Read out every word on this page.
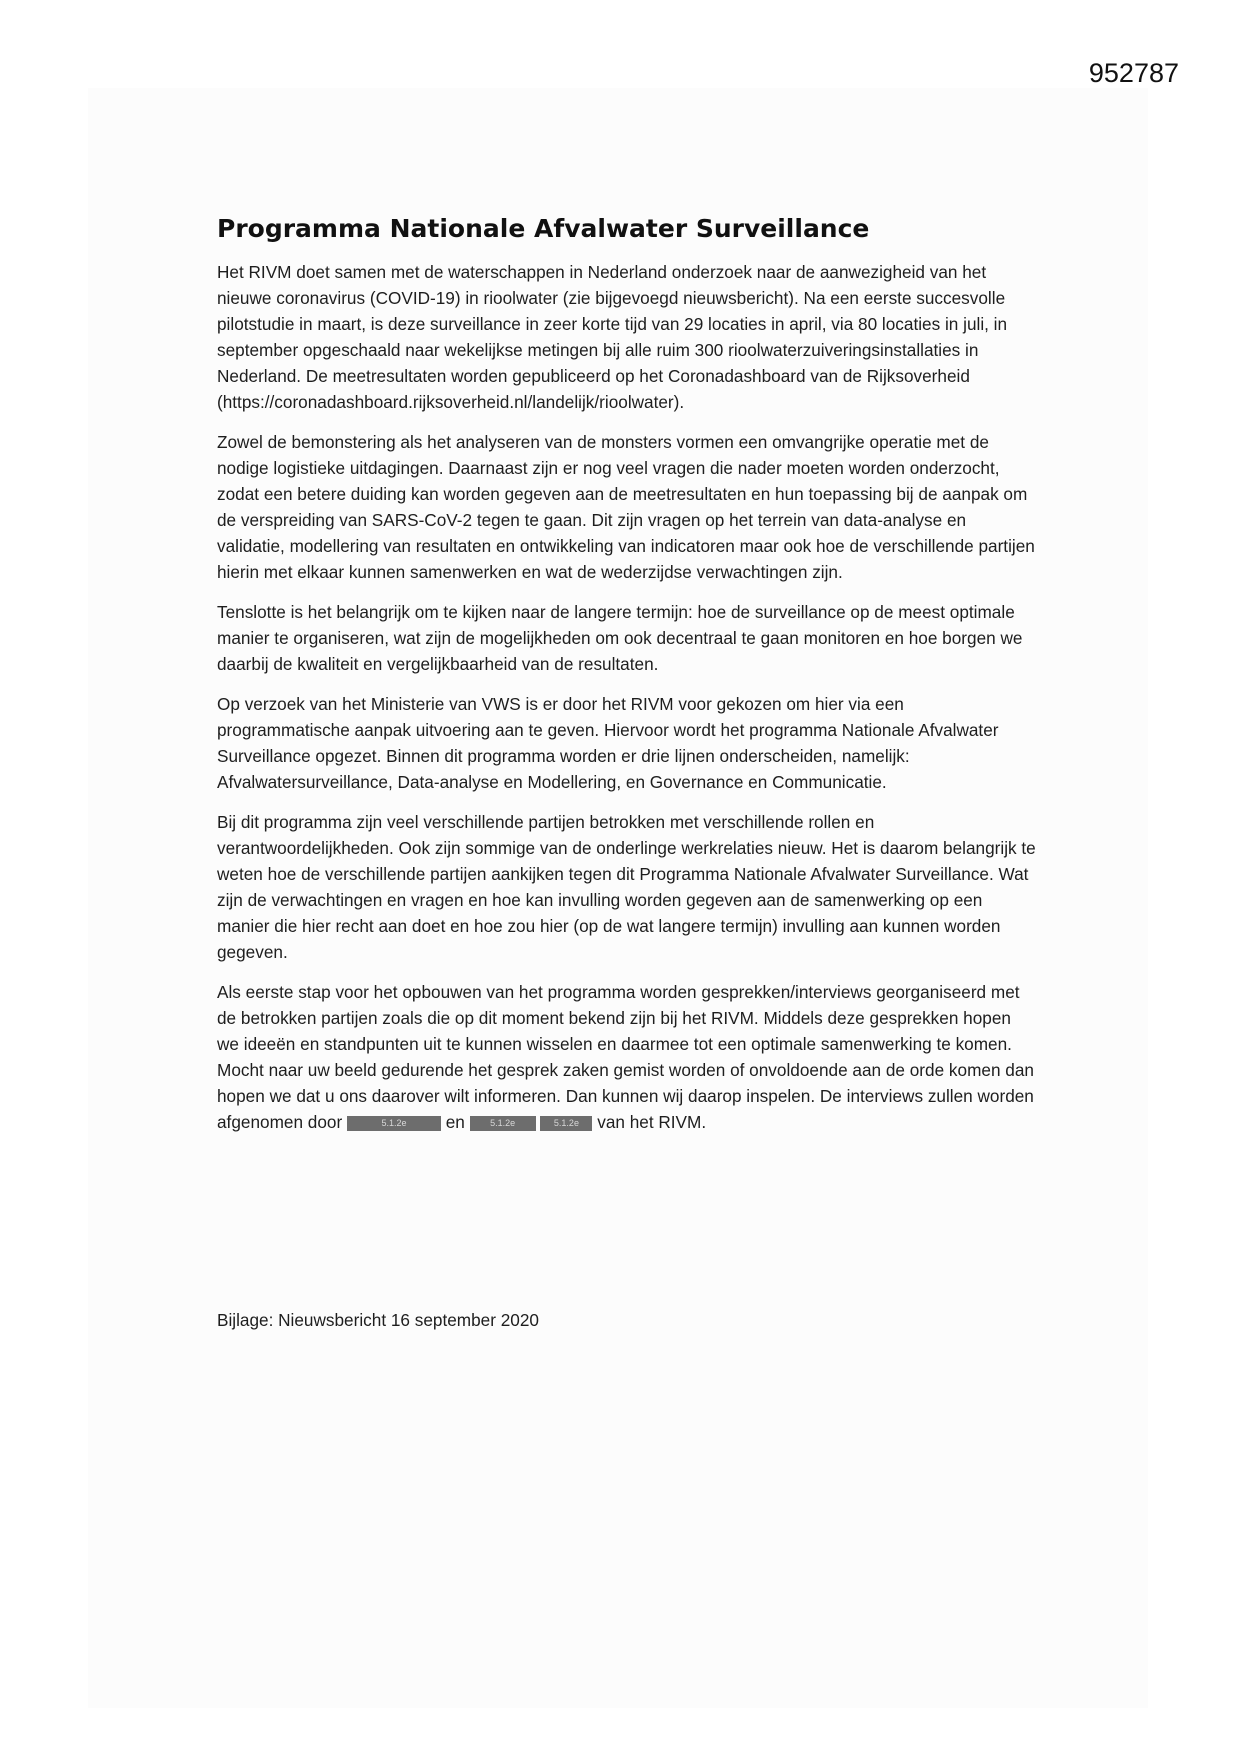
952787
Programma Nationale Afvalwater Surveillance

Het RIVM doet samen met de waterschappen in Nederland onderzoek naar de aanwezigheid van het nieuwe coronavirus (COVID-19) in rioolwater (zie bijgevoegd nieuwsbericht). Na een eerste succesvolle pilotstudie in maart, is deze surveillance in zeer korte tijd van 29 locaties in april, via 80 locaties in juli, in september opgeschaald naar wekelijkse metingen bij alle ruim 300 rioolwaterzuiveringsinstallaties in Nederland. De meetresultaten worden gepubliceerd op het Coronadashboard van de Rijksoverheid (https://coronadashboard.rijksoverheid.nl/landelijk/rioolwater).

Zowel de bemonstering als het analyseren van de monsters vormen een omvangrijke operatie met de nodige logistieke uitdagingen. Daarnaast zijn er nog veel vragen die nader moeten worden onderzocht, zodat een betere duiding kan worden gegeven aan de meetresultaten en hun toepassing bij de aanpak om de verspreiding van SARS-CoV-2 tegen te gaan. Dit zijn vragen op het terrein van data-analyse en validatie, modellering van resultaten en ontwikkeling van indicatoren maar ook hoe de verschillende partijen hierin met elkaar kunnen samenwerken en wat de wederzijdse verwachtingen zijn.

Tenslotte is het belangrijk om te kijken naar de langere termijn: hoe de surveillance op de meest optimale manier te organiseren, wat zijn de mogelijkheden om ook decentraal te gaan monitoren en hoe borgen we daarbij de kwaliteit en vergelijkbaarheid van de resultaten.

Op verzoek van het Ministerie van VWS is er door het RIVM voor gekozen om hier via een programmatische aanpak uitvoering aan te geven. Hiervoor wordt het programma Nationale Afvalwater Surveillance opgezet. Binnen dit programma worden er drie lijnen onderscheiden, namelijk: Afvalwatersurveillance, Data-analyse en Modellering, en Governance en Communicatie.

Bij dit programma zijn veel verschillende partijen betrokken met verschillende rollen en verantwoordelijkheden. Ook zijn sommige van de onderlinge werkrelaties nieuw. Het is daarom belangrijk te weten hoe de verschillende partijen aankijken tegen dit Programma Nationale Afvalwater Surveillance. Wat zijn de verwachtingen en vragen en hoe kan invulling worden gegeven aan de samenwerking op een manier die hier recht aan doet en hoe zou hier (op de wat langere termijn) invulling aan kunnen worden gegeven.

Als eerste stap voor het opbouwen van het programma worden gesprekken/interviews georganiseerd met de betrokken partijen zoals die op dit moment bekend zijn bij het RIVM. Middels deze gesprekken hopen we ideeën en standpunten uit te kunnen wisselen en daarmee tot een optimale samenwerking te komen. Mocht naar uw beeld gedurende het gesprek zaken gemist worden of onvoldoende aan de orde komen dan hopen we dat u ons daarover wilt informeren. Dan kunnen wij daarop inspelen. De interviews zullen worden afgenomen door	5.1.2e en	5.1.2e	5.1.2e van het RIVM.

Bijlage: Nieuwsbericht 16 september 2020
